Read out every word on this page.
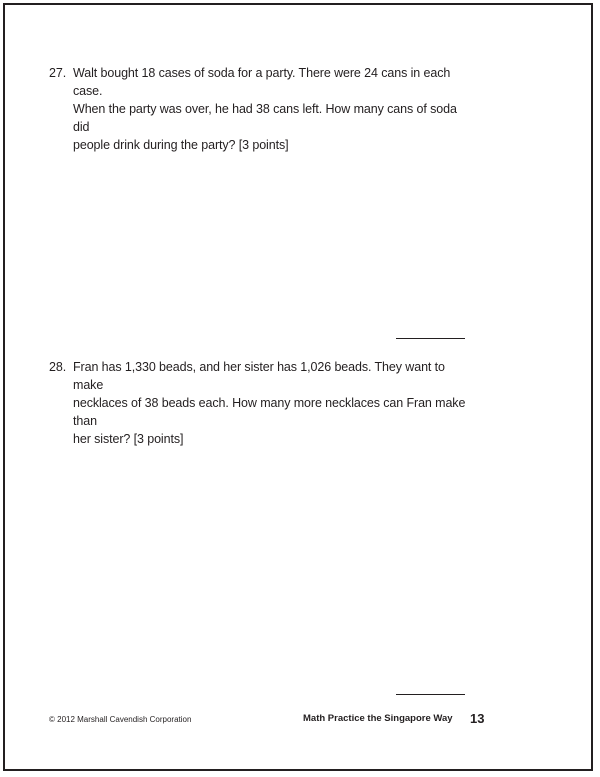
27. Walt bought 18 cases of soda for a party. There were 24 cans in each case.
When the party was over, he had 38 cans left. How many cans of soda did
people drink during the party? [3 points]
28. Fran has 1,330 beads, and her sister has 1,026 beads. They want to make
necklaces of 38 beads each. How many more necklaces can Fran make than
her sister? [3 points]
© 2012 Marshall Cavendish Corporation	Math Practice the Singapore Way 13
